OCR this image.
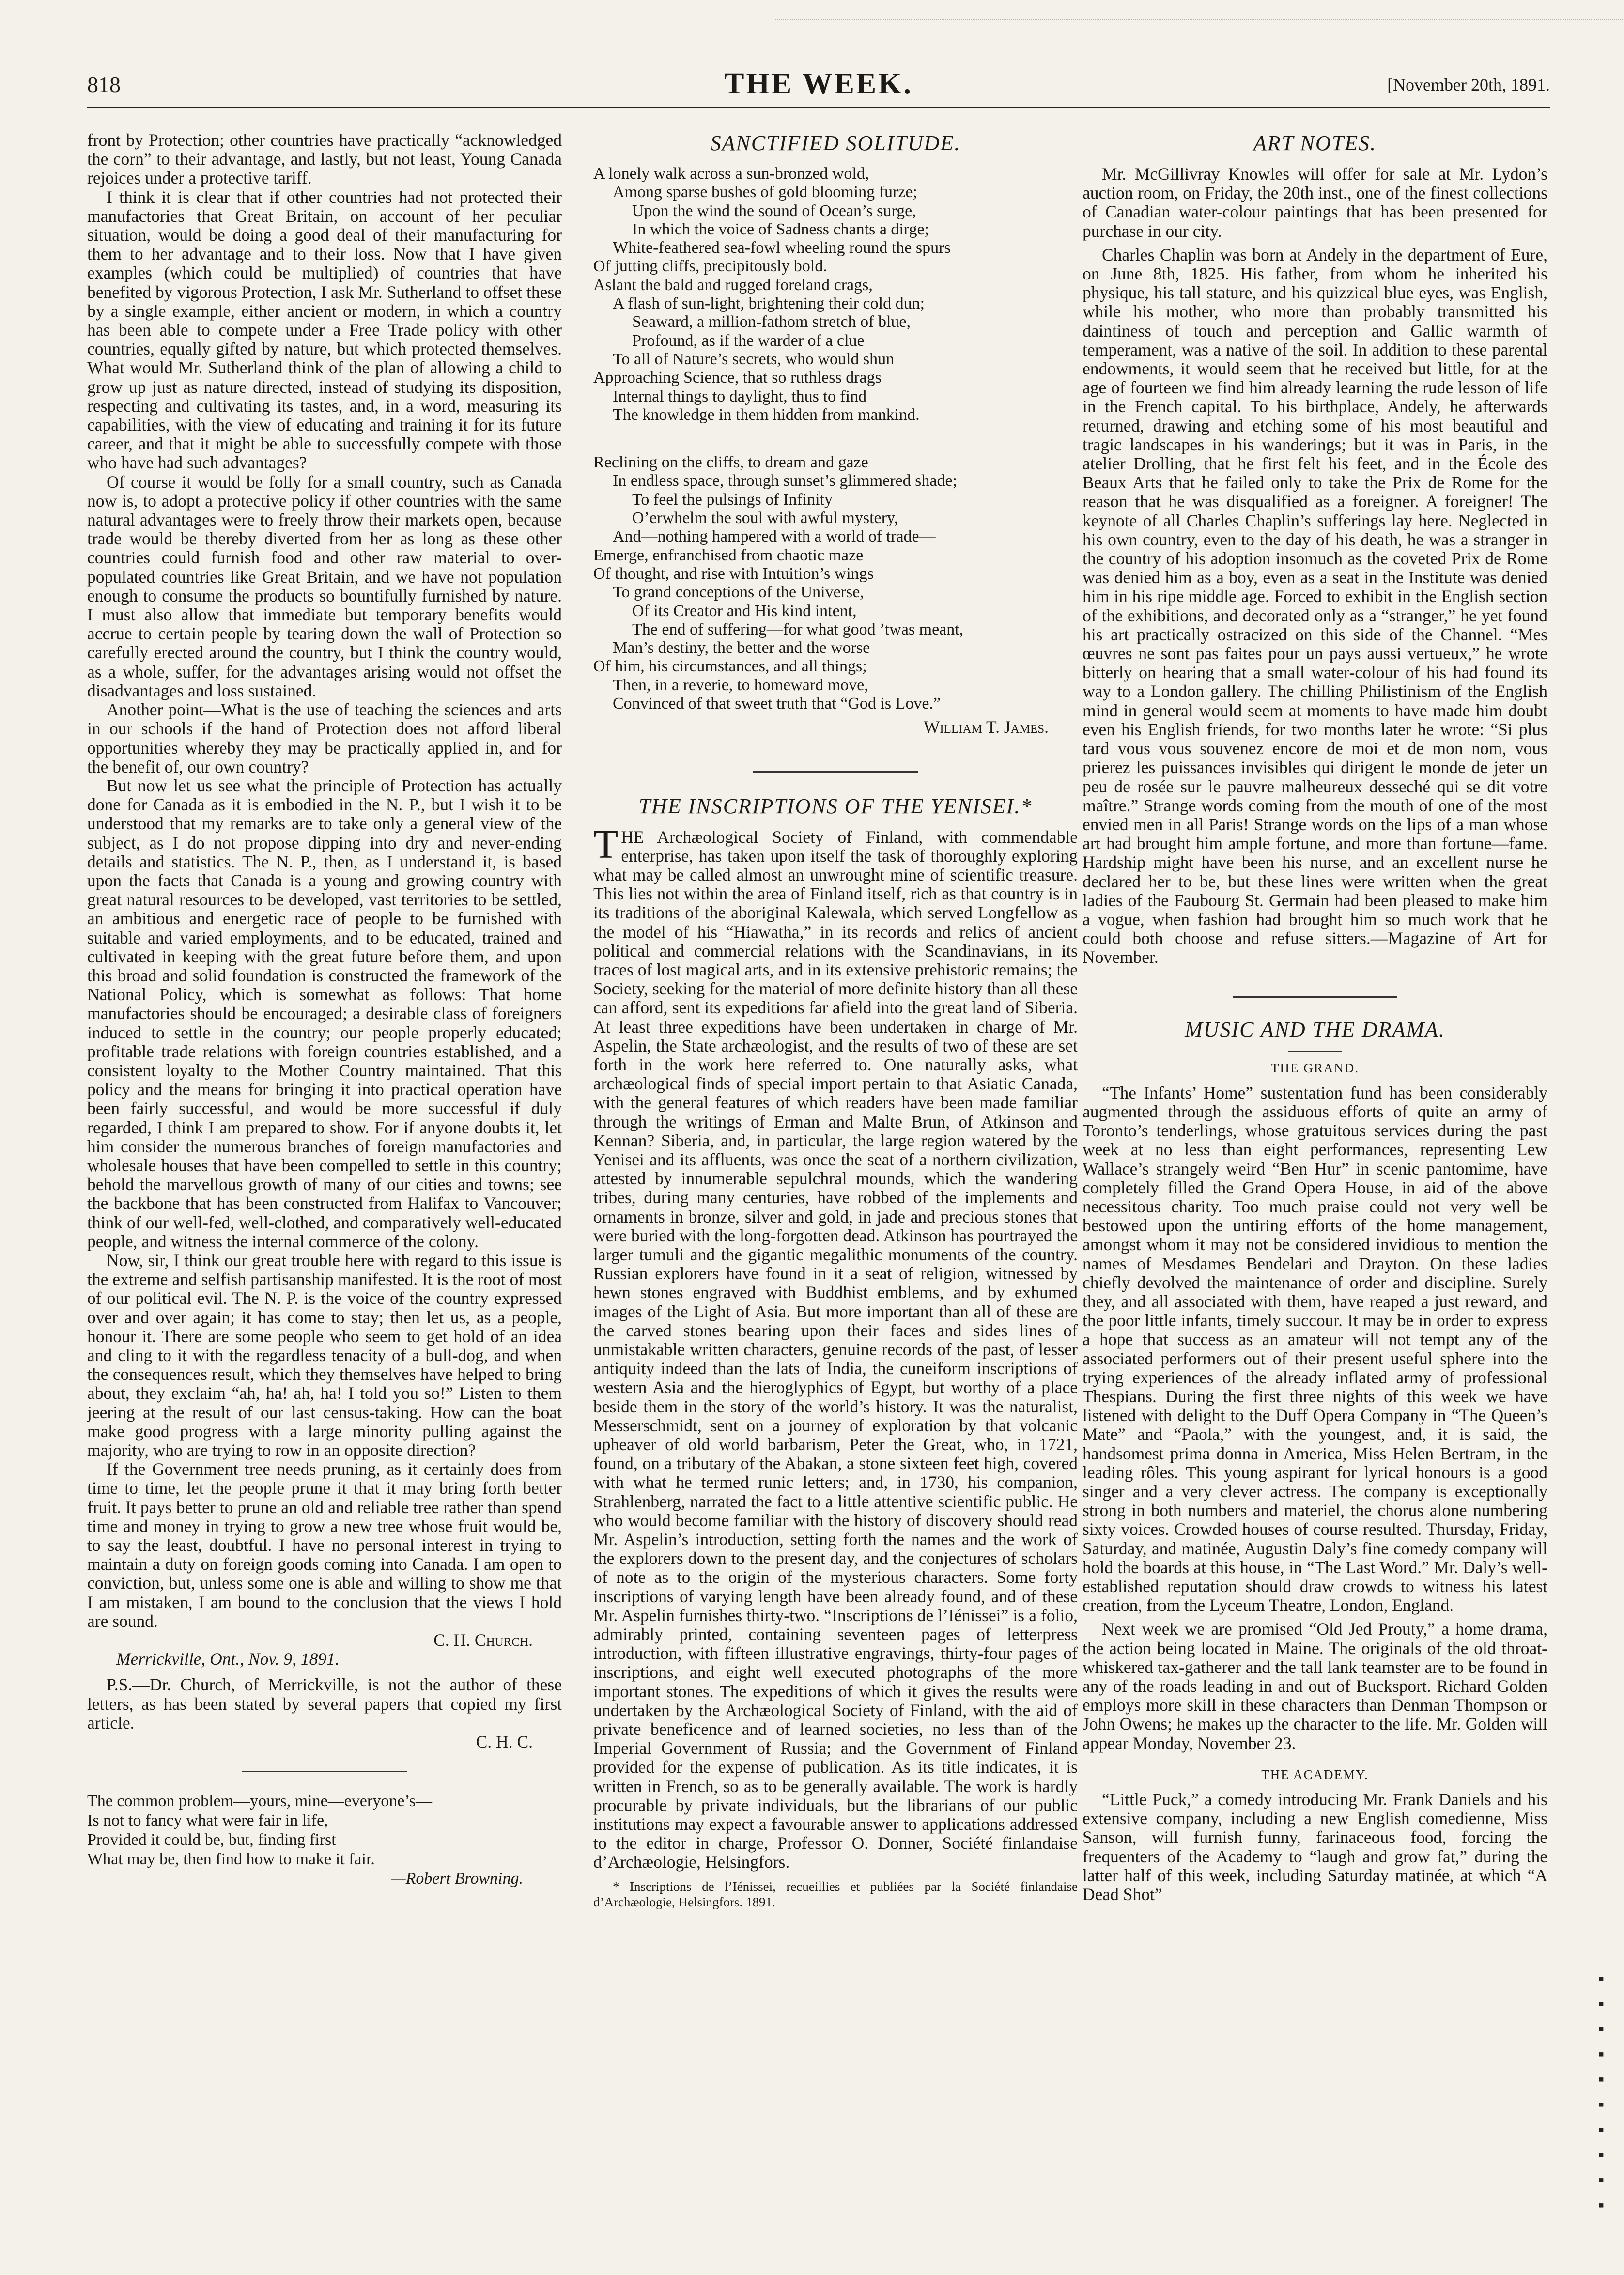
818	THE WEEK.	[November 20th, 1891.

front by Protection; other countries have practically “acknowledged the corn” to their advantage, and lastly, but not least, Young Canada rejoices under a protective tariff.

I think it is clear that if other countries had not protected their manufactories that Great Britain, on account of her peculiar situation, would be doing a good deal of their manufacturing for them to her advantage and to their loss. Now that I have given examples (which could be multiplied) of countries that have benefited by vigorous Protection, I ask Mr. Sutherland to offset these by a single example, either ancient or modern, in which a country has been able to compete under a Free Trade policy with other countries, equally gifted by nature, but which protected themselves. What would Mr. Sutherland think of the plan of allowing a child to grow up just as nature directed, instead of studying its disposition, respecting and cultivating its tastes, and, in a word, measuring its capabilities, with the view of educating and training it for its future career, and that it might be able to successfully compete with those who have had such advantages?

Of course it would be folly for a small country, such as Canada now is, to adopt a protective policy if other countries with the same natural advantages were to freely throw their markets open, because trade would be thereby diverted from her as long as these other countries could furnish food and other raw material to over-populated countries like Great Britain, and we have not population enough to consume the products so bountifully furnished by nature. I must also allow that immediate but temporary benefits would accrue to certain people by tearing down the wall of Protection so carefully erected around the country, but I think the country would, as a whole, suffer, for the advantages arising would not offset the disadvantages and loss sustained.

Another point—What is the use of teaching the sciences and arts in our schools if the hand of Protection does not afford liberal opportunities whereby they may be practically applied in, and for the benefit of, our own country?

But now let us see what the principle of Protection has actually done for Canada as it is embodied in the N. P., but I wish it to be understood that my remarks are to take only a general view of the subject, as I do not propose dipping into dry and never-ending details and statistics. The N. P., then, as I understand it, is based upon the facts that Canada is a young and growing country with great natural resources to be developed, vast territories to be settled, an ambitious and energetic race of people to be furnished with suitable and varied employments, and to be educated, trained and cultivated in keeping with the great future before them, and upon this broad and solid foundation is constructed the framework of the National Policy, which is somewhat as follows: That home manufactories should be encouraged; a desirable class of foreigners induced to settle in the country; our people properly educated; profitable trade relations with foreign countries established, and a consistent loyalty to the Mother Country maintained. That this policy and the means for bringing it into practical operation have been fairly successful, and would be more successful if duly regarded, I think I am prepared to show. For if anyone doubts it, let him consider the numerous branches of foreign manufactories and wholesale houses that have been compelled to settle in this country; behold the marvellous growth of many of our cities and towns; see the backbone that has been constructed from Halifax to Vancouver; think of our well-fed, well-clothed, and comparatively well-educated people, and witness the internal commerce of the colony.

Now, sir, I think our great trouble here with regard to this issue is the extreme and selfish partisanship manifested. It is the root of most of our political evil. The N. P. is the voice of the country expressed over and over again; it has come to stay; then let us, as a people, honour it. There are some people who seem to get hold of an idea and cling to it with the regardless tenacity of a bull-dog, and when the consequences result, which they themselves have helped to bring about, they exclaim “ah, ha! ah, ha! I told you so!” Listen to them jeering at the result of our last census-taking. How can the boat make good progress with a large minority pulling against the majority, who are trying to row in an opposite direction?

If the Government tree needs pruning, as it certainly does from time to time, let the people prune it that it may bring forth better fruit. It pays better to prune an old and reliable tree rather than spend time and money in trying to grow a new tree whose fruit would be, to say the least, doubtful. I have no personal interest in trying to maintain a duty on foreign goods coming into Canada. I am open to conviction, but, unless some one is able and willing to show me that I am mistaken, I am bound to the conclusion that the views I hold are sound.

C. H. Church.
Merrickville, Ont., Nov. 9, 1891.

P.S.—Dr. Church, of Merrickville, is not the author of these letters, as has been stated by several papers that copied my first article.

C. H. C.
The common problem—yours, mine—everyone’s—
Is not to fancy what were fair in life,
Provided it could be, but, finding first
What may be, then find how to make it fair.
—Robert Browning.
SANCTIFIED SOLITUDE.
A lonely walk across a sun-bronzed wold,
Among sparse bushes of gold blooming furze;
Upon the wind the sound of Ocean’s surge,
In which the voice of Sadness chants a dirge;
White-feathered sea-fowl wheeling round the spurs
Of jutting cliffs, precipitously bold.
Aslant the bald and rugged foreland crags,
A flash of sun-light, brightening their cold dun;
Seaward, a million-fathom stretch of blue,
Profound, as if the warder of a clue
To all of Nature’s secrets, who would shun
Approaching Science, that so ruthless drags
Internal things to daylight, thus to find
The knowledge in them hidden from mankind.
Reclining on the cliffs, to dream and gaze
In endless space, through sunset’s glimmered shade;
To feel the pulsings of Infinity
O’erwhelm the soul with awful mystery,
And—nothing hampered with a world of trade—
Emerge, enfranchised from chaotic maze
Of thought, and rise with Intuition’s wings
To grand conceptions of the Universe,
Of its Creator and His kind intent,
The end of suffering—for what good ’twas meant,
Man’s destiny, the better and the worse
Of him, his circumstances, and all things;
Then, in a reverie, to homeward move,
Convinced of that sweet truth that “God is Love.”
William T. James.
THE INSCRIPTIONS OF THE YENISEI.*

THE Archæological Society of Finland, with commendable enterprise, has taken upon itself the task of thoroughly exploring what may be called almost an unwrought mine of scientific treasure. This lies not within the area of Finland itself, rich as that country is in its traditions of the aboriginal Kalewala, which served Longfellow as the model of his “Hiawatha,” in its records and relics of ancient political and commercial relations with the Scandinavians, in its traces of lost magical arts, and in its extensive prehistoric remains; the Society, seeking for the material of more definite history than all these can afford, sent its expeditions far afield into the great land of Siberia. At least three expeditions have been undertaken in charge of Mr. Aspelin, the State archæologist, and the results of two of these are set forth in the work here referred to. One naturally asks, what archæological finds of special import pertain to that Asiatic Canada, with the general features of which readers have been made familiar through the writings of Erman and Malte Brun, of Atkinson and Kennan? Siberia, and, in particular, the large region watered by the Yenisei and its affluents, was once the seat of a northern civilization, attested by innumerable sepulchral mounds, which the wandering tribes, during many centuries, have robbed of the implements and ornaments in bronze, silver and gold, in jade and precious stones that were buried with the long-forgotten dead. Atkinson has pourtrayed the larger tumuli and the gigantic megalithic monuments of the country. Russian explorers have found in it a seat of religion, witnessed by hewn stones engraved with Buddhist emblems, and by exhumed images of the Light of Asia. But more important than all of these are the carved stones bearing upon their faces and sides lines of unmistakable written characters, genuine records of the past, of lesser antiquity indeed than the lats of India, the cuneiform inscriptions of western Asia and the hieroglyphics of Egypt, but worthy of a place beside them in the story of the world’s history. It was the naturalist, Messerschmidt, sent on a journey of exploration by that volcanic upheaver of old world barbarism, Peter the Great, who, in 1721, found, on a tributary of the Abakan, a stone sixteen feet high, covered with what he termed runic letters; and, in 1730, his companion, Strahlenberg, narrated the fact to a little attentive scientific public. He who would become familiar with the history of discovery should read Mr. Aspelin’s introduction, setting forth the names and the work of the explorers down to the present day, and the conjectures of scholars of note as to the origin of the mysterious characters. Some forty inscriptions of varying length have been already found, and of these Mr. Aspelin furnishes thirty-two. “Inscriptions de l’Iénissei” is a folio, admirably printed, containing seventeen pages of letterpress introduction, with fifteen illustrative engravings, thirty-four pages of inscriptions, and eight well executed photographs of the more important stones. The expeditions of which it gives the results were undertaken by the Archæological Society of Finland, with the aid of private beneficence and of learned societies, no less than of the Imperial Government of Russia; and the Government of Finland provided for the expense of publication. As its title indicates, it is written in French, so as to be generally available. The work is hardly procurable by private individuals, but the librarians of our public institutions may expect a favourable answer to applications addressed to the editor in charge, Professor O. Donner, Société finlandaise d’Archæologie, Helsingfors.

* Inscriptions de l’Iénissei, recueillies et publiées par la Société finlandaise d’Archæologie, Helsingfors. 1891.
ART NOTES.

Mr. McGillivray Knowles will offer for sale at Mr. Lydon’s auction room, on Friday, the 20th inst., one of the finest collections of Canadian water-colour paintings that has been presented for purchase in our city.

Charles Chaplin was born at Andely in the department of Eure, on June 8th, 1825. His father, from whom he inherited his physique, his tall stature, and his quizzical blue eyes, was English, while his mother, who more than probably transmitted his daintiness of touch and perception and Gallic warmth of temperament, was a native of the soil. In addition to these parental endowments, it would seem that he received but little, for at the age of fourteen we find him already learning the rude lesson of life in the French capital. To his birthplace, Andely, he afterwards returned, drawing and etching some of his most beautiful and tragic landscapes in his wanderings; but it was in Paris, in the atelier Drolling, that he first felt his feet, and in the École des Beaux Arts that he failed only to take the Prix de Rome for the reason that he was disqualified as a foreigner. A foreigner! The keynote of all Charles Chaplin’s sufferings lay here. Neglected in his own country, even to the day of his death, he was a stranger in the country of his adoption insomuch as the coveted Prix de Rome was denied him as a boy, even as a seat in the Institute was denied him in his ripe middle age. Forced to exhibit in the English section of the exhibitions, and decorated only as a “stranger,” he yet found his art practically ostracized on this side of the Channel. “Mes œuvres ne sont pas faites pour un pays aussi vertueux,” he wrote bitterly on hearing that a small water-colour of his had found its way to a London gallery. The chilling Philistinism of the English mind in general would seem at moments to have made him doubt even his English friends, for two months later he wrote: “Si plus tard vous vous souvenez encore de moi et de mon nom, vous prierez les puissances invisibles qui dirigent le monde de jeter un peu de rosée sur le pauvre malheureux desseché qui se dit votre maître.” Strange words coming from the mouth of one of the most envied men in all Paris! Strange words on the lips of a man whose art had brought him ample fortune, and more than fortune—fame. Hardship might have been his nurse, and an excellent nurse he declared her to be, but these lines were written when the great ladies of the Faubourg St. Germain had been pleased to make him a vogue, when fashion had brought him so much work that he could both choose and refuse sitters.—Magazine of Art for November.

MUSIC AND THE DRAMA.
THE GRAND.

“The Infants’ Home” sustentation fund has been considerably augmented through the assiduous efforts of quite an army of Toronto’s tenderlings, whose gratuitous services during the past week at no less than eight performances, representing Lew Wallace’s strangely weird “Ben Hur” in scenic pantomime, have completely filled the Grand Opera House, in aid of the above necessitous charity. Too much praise could not very well be bestowed upon the untiring efforts of the home management, amongst whom it may not be considered invidious to mention the names of Mesdames Bendelari and Drayton. On these ladies chiefly devolved the maintenance of order and discipline. Surely they, and all associated with them, have reaped a just reward, and the poor little infants, timely succour. It may be in order to express a hope that success as an amateur will not tempt any of the associated performers out of their present useful sphere into the trying experiences of the already inflated army of professional Thespians. During the first three nights of this week we have listened with delight to the Duff Opera Company in “The Queen’s Mate” and “Paola,” with the youngest, and, it is said, the handsomest prima donna in America, Miss Helen Bertram, in the leading rôles. This young aspirant for lyrical honours is a good singer and a very clever actress. The company is exceptionally strong in both numbers and materiel, the chorus alone numbering sixty voices. Crowded houses of course resulted. Thursday, Friday, Saturday, and matinée, Augustin Daly’s fine comedy company will hold the boards at this house, in “The Last Word.” Mr. Daly’s well-established reputation should draw crowds to witness his latest creation, from the Lyceum Theatre, London, England.

Next week we are promised “Old Jed Prouty,” a home drama, the action being located in Maine. The originals of the old throat-whiskered tax-gatherer and the tall lank teamster are to be found in any of the roads leading in and out of Bucksport. Richard Golden employs more skill in these characters than Denman Thompson or John Owens; he makes up the character to the life. Mr. Golden will appear Monday, November 23.

THE ACADEMY.

“Little Puck,” a comedy introducing Mr. Frank Daniels and his extensive company, including a new English comedienne, Miss Sanson, will furnish funny, farinaceous food, forcing the frequenters of the Academy to “laugh and grow fat,” during the latter half of this week, including Saturday matinée, at which “A Dead Shot”

▪
▪
▪
▪
▪
▪
▪
▪
▪
▪
